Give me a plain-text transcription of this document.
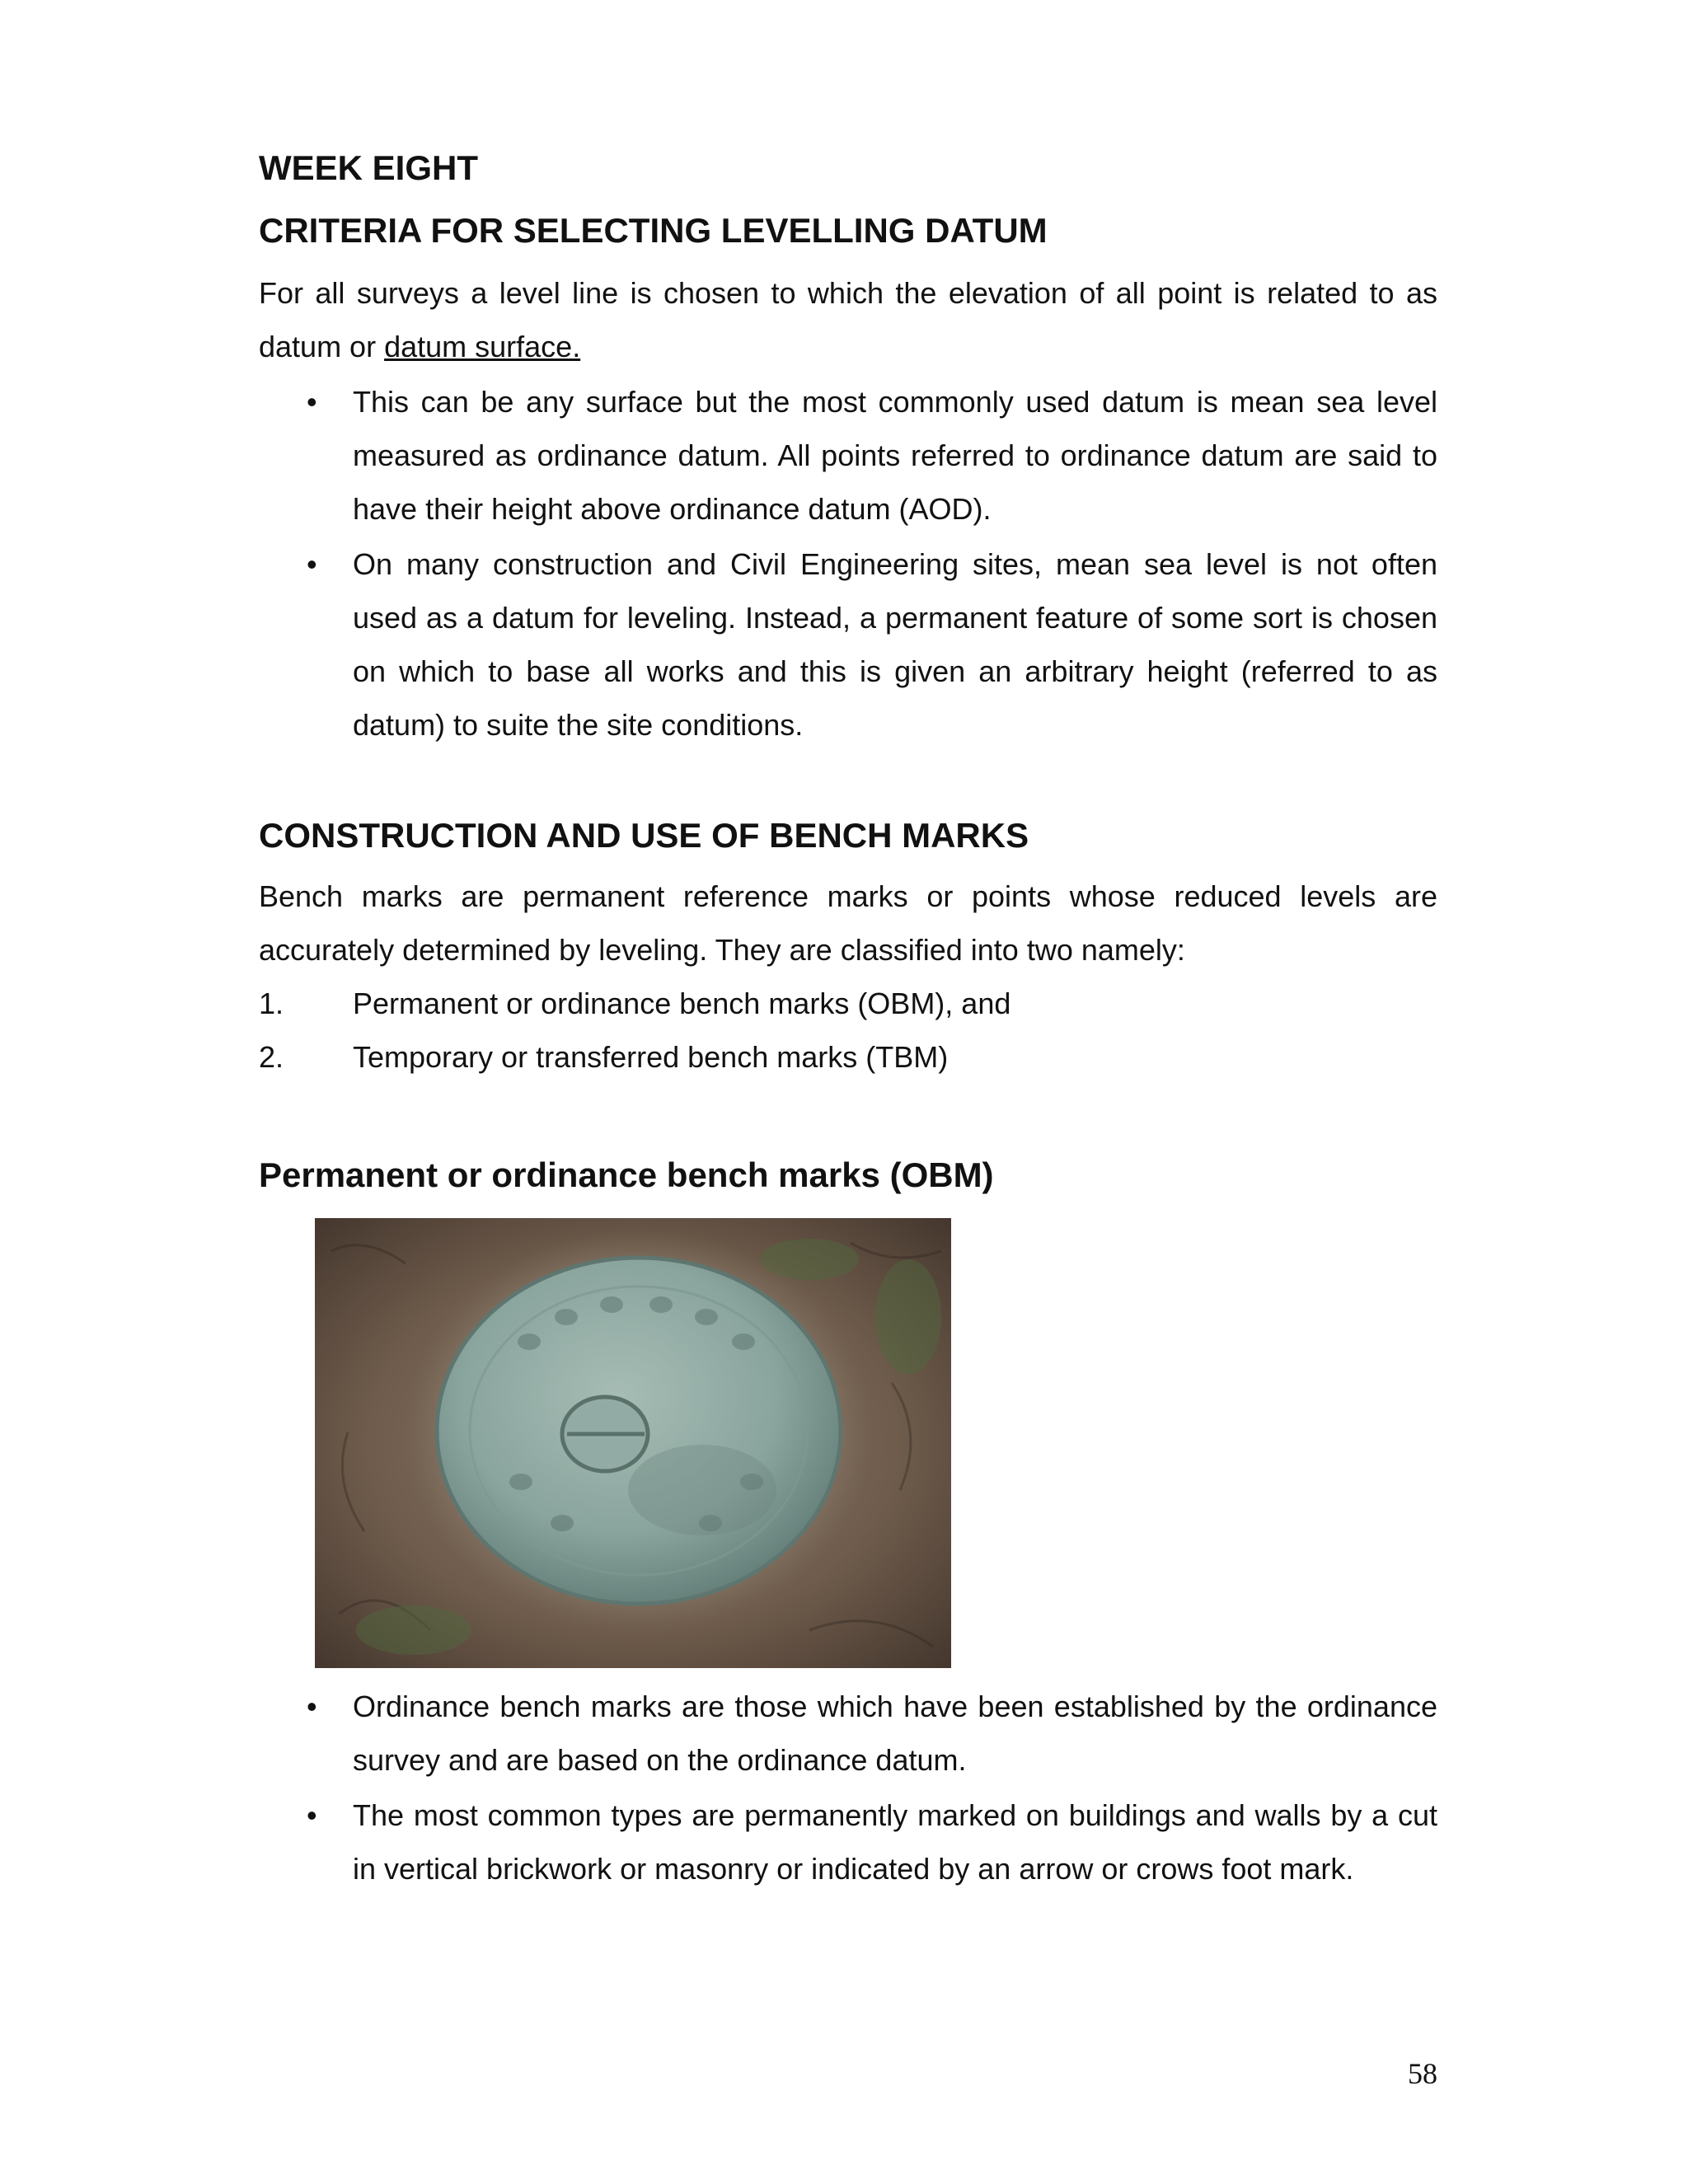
WEEK EIGHT
CRITERIA FOR SELECTING LEVELLING DATUM

For all surveys a level line is chosen to which the elevation of all point is related to as datum or datum surface.

• This can be any surface but the most commonly used datum is mean sea level measured as ordinance datum. All points referred to ordinance datum are said to have their height above ordinance datum (AOD).

• On many construction and Civil Engineering sites, mean sea level is not often used as a datum for leveling. Instead, a permanent feature of some sort is chosen on which to base all works and this is given an arbitrary height (referred to as datum) to suite the site conditions.

CONSTRUCTION AND USE OF BENCH MARKS

Bench marks are permanent reference marks or points whose reduced levels are accurately determined by leveling. They are classified into two namely:

1. Permanent or ordinance bench marks (OBM), and
2. Temporary or transferred bench marks (TBM)
Permanent or ordinance bench marks (OBM)

• Ordinance bench marks are those which have been established by the ordinance survey and are based on the ordinance datum.

• The most common types are permanently marked on buildings and walls by a cut in vertical brickwork or masonry or indicated by an arrow or crows foot mark.

58
